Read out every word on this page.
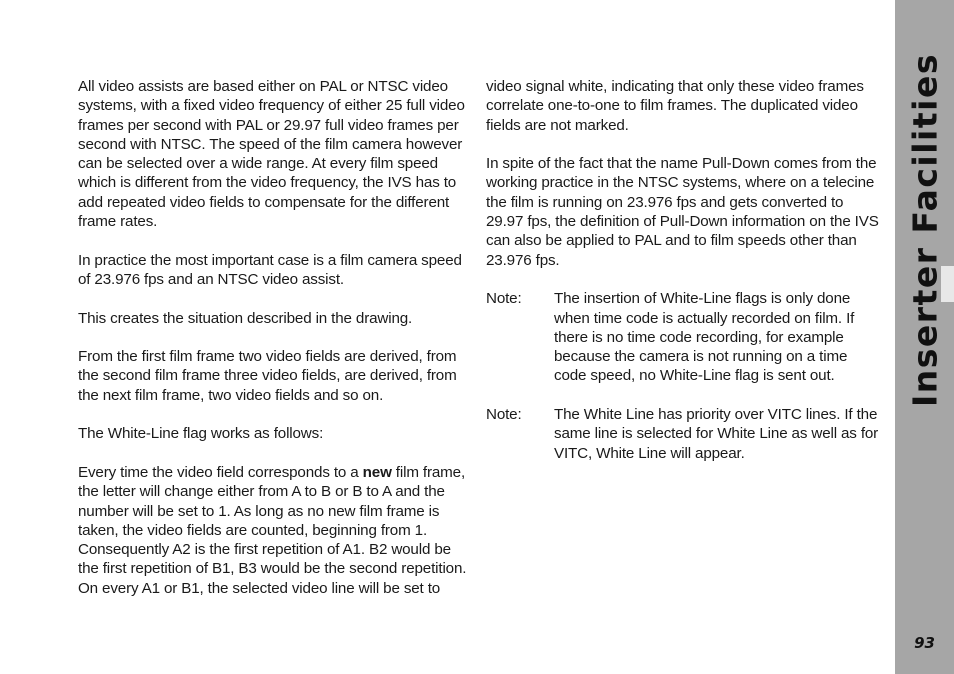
All video assists are based either on PAL or NTSC video systems, with a fixed video frequency of either 25 full video frames per second with PAL or 29.97 full video frames per second with NTSC. The speed of the film camera however can be selected over a wide range. At every film speed which is different from the video frequency, the IVS has to add repeated video fields to compensate for the different frame rates.

In practice the most important case is a film camera speed of 23.976 fps and an NTSC video assist.

This creates the situation described in the drawing.

From the first film frame two video fields are derived, from the second film frame three video fields, are derived, from the next film frame, two video fields and so on.

The White-Line flag works as follows:

Every time the video field corresponds to a new film frame, the letter will change either from A to B or B to A and the number will be set to 1. As long as no new film frame is taken, the video fields are counted, beginning from 1. Consequently A2 is the first repetition of A1. B2 would be the first repetition of B1, B3 would be the second repetition. On every A1 or B1, the selected video line will be set to

video signal white, indicating that only these video frames correlate one-to-one to film frames. The duplicated video fields are not marked.

In spite of the fact that the name Pull-Down comes from the working practice in the NTSC systems, where on a telecine the film is running on 23.976 fps and gets converted to 29.97 fps, the definition of Pull-Down information on the IVS can also be applied to PAL and to film speeds other than 23.976 fps.

Note:	The insertion of White-Line flags is only done when time code is actually recorded on film. If there is no time code recording, for example because the camera is not running on a time code speed, no White-Line flag is sent out.
Note:	The White Line has priority over VITC lines. If the same line is selected for White Line as well as for VITC, White Line will appear.
Inserter Facilities
93
